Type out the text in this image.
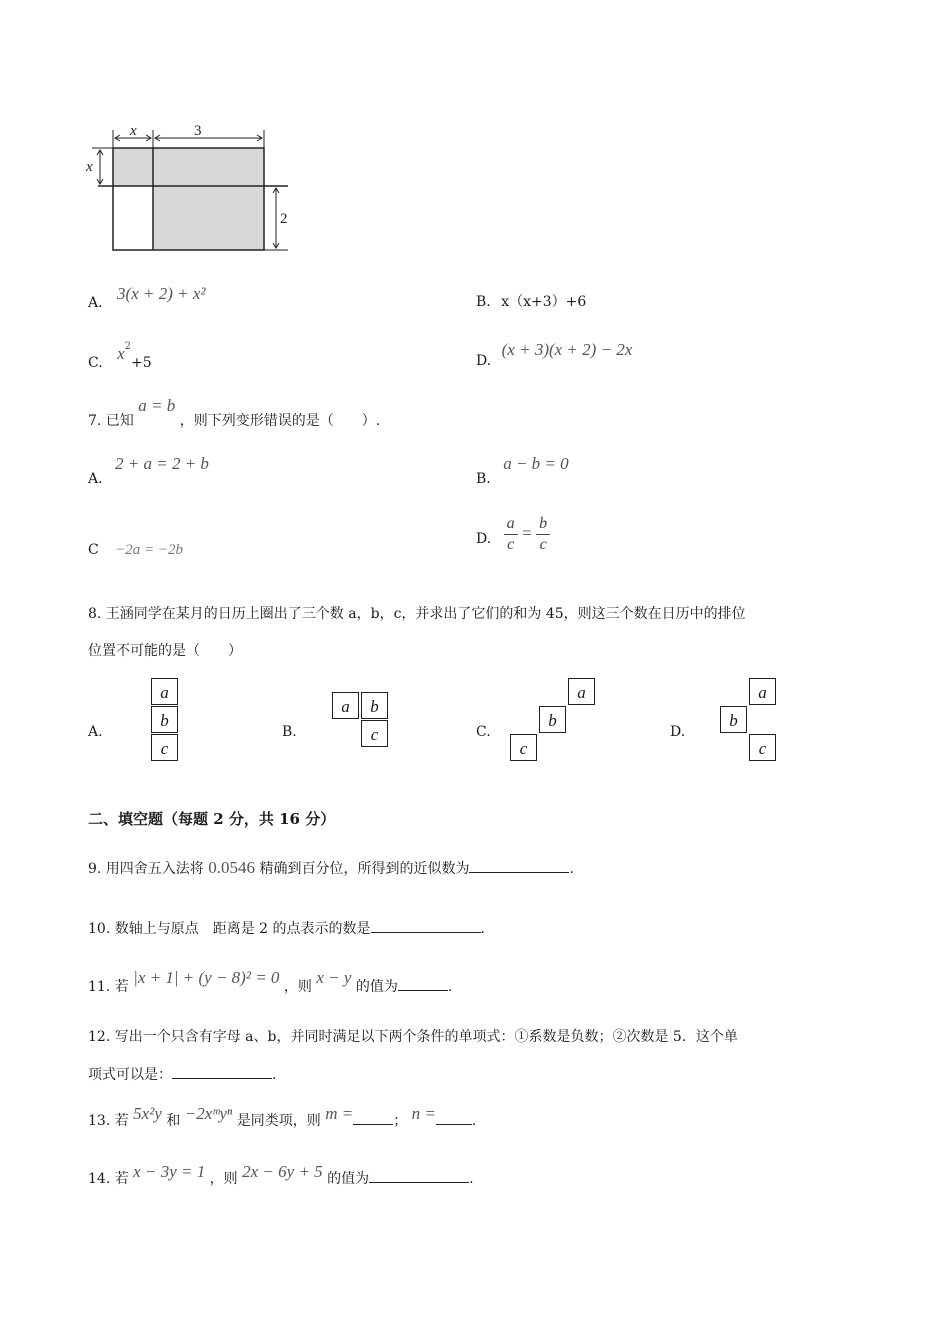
x	3
x
2
A. 3(x + 2) + x²	B. x（x+3）+6
C. $x^2+5$	D. (x + 3)(x + 2) − 2x
7. 已知 a = b ，则下列变形错误的是（　　）.
A. 2 + a = 2 + b
B. a − b = 0
C −2a = −2b
D. $\frac{a}{c} = \frac{b}{c}$
8. 王涵同学在某月的日历上圈出了三个数 a，b，c，并求出了它们的和为 45，则这三个数在日历中的排位
位置不可能的是（　　）
A.
a
b
c
B.
a	b
c	C.
a
b
c
D.
a
b
c
二、填空题（每题 2 分，共 16 分）
9. 用四舍五入法将 0.0546 精确到百分位，所得到的近似数为	.
10. 数轴上与原点　距离是 2 的点表示的数是	.
11. 若 |x + 1| + (y − 8)² = 0 ，则 x − y 的值为	.
12. 写出一个只含有字母 a、b，并同时满足以下两个条件的单项式：①系数是负数；②次数是 5．这个单
项式可以是：	.
13. 若 5x²y 和 −2xᵐyⁿ 是同类项，则 m =	； n =	.
14. 若 x − 3y = 1 ，则 2x − 6y + 5 的值为	.
